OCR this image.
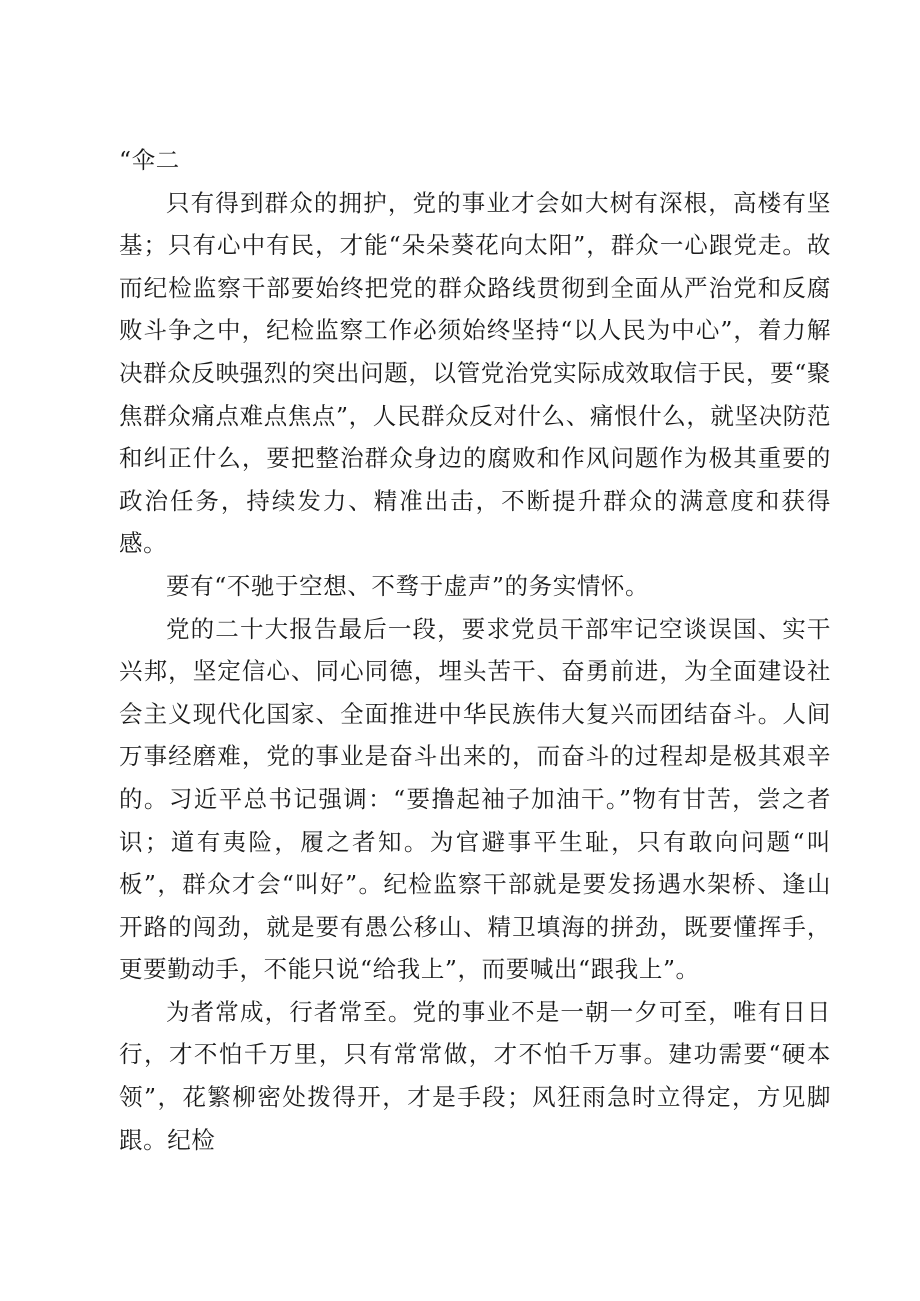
“伞二

只有得到群众的拥护，党的事业才会如大树有深根，高楼有坚基；只有心中有民，才能“朵朵葵花向太阳”，群众一心跟党走。故而纪检监察干部要始终把党的群众路线贯彻到全面从严治党和反腐败斗争之中，纪检监察工作必须始终坚持“以人民为中心”，着力解决群众反映强烈的突出问题，以管党治党实际成效取信于民，要“聚焦群众痛点难点焦点”，人民群众反对什么、痛恨什么，就坚决防范和纠正什么，要把整治群众身边的腐败和作风问题作为极其重要的政治任务，持续发力、精准出击，不断提升群众的满意度和获得感。

要有“不驰于空想、不骛于虚声”的务实情怀。

党的二十大报告最后一段，要求党员干部牢记空谈误国、实干兴邦，坚定信心、同心同德，埋头苦干、奋勇前进，为全面建设社会主义现代化国家、全面推进中华民族伟大复兴而团结奋斗。人间万事经磨难，党的事业是奋斗出来的，而奋斗的过程却是极其艰辛的。习近平总书记强调：“要撸起袖子加油干。”物有甘苦，尝之者识；道有夷险，履之者知。为官避事平生耻，只有敢向问题“叫板”，群众才会“叫好”。纪检监察干部就是要发扬遇水架桥、逢山开路的闯劲，就是要有愚公移山、精卫填海的拼劲，既要懂挥手，更要勤动手，不能只说“给我上”，而要喊出“跟我上”。

为者常成，行者常至。党的事业不是一朝一夕可至，唯有日日行，才不怕千万里，只有常常做，才不怕千万事。建功需要“硬本领”，花繁柳密处拨得开，才是手段；风狂雨急时立得定，方见脚跟。纪检
